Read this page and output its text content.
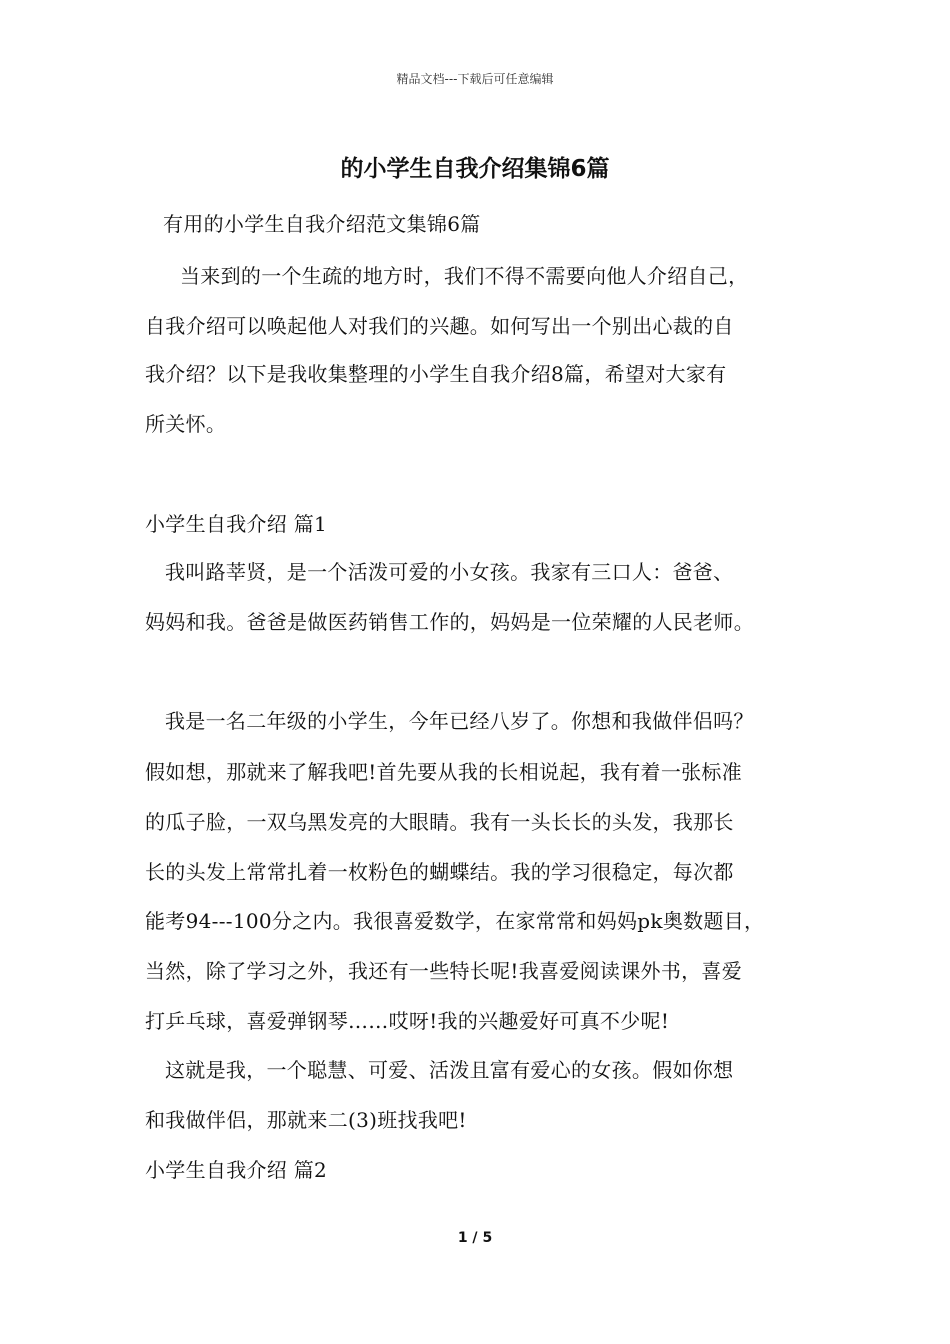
精品文档---下载后可任意编辑
的小学生自我介绍集锦6篇
有用的小学生自我介绍范文集锦6篇
当来到的一个生疏的地方时，我们不得不需要向他人介绍自己，
自我介绍可以唤起他人对我们的兴趣。如何写出一个别出心裁的自
我介绍？以下是我收集整理的小学生自我介绍8篇，希望对大家有
所关怀。
小学生自我介绍 篇1
我叫路莘贤，是一个活泼可爱的小女孩。我家有三口人：爸爸、
妈妈和我。爸爸是做医药销售工作的，妈妈是一位荣耀的人民老师。
我是一名二年级的小学生，今年已经八岁了。你想和我做伴侣吗？
假如想，那就来了解我吧!首先要从我的长相说起，我有着一张标准
的瓜子脸，一双乌黑发亮的大眼睛。我有一头长长的头发，我那长
长的头发上常常扎着一枚粉色的蝴蝶结。我的学习很稳定，每次都
能考94---100分之内。我很喜爱数学，在家常常和妈妈pk奥数题目，
当然，除了学习之外，我还有一些特长呢!我喜爱阅读课外书，喜爱
打乒乓球，喜爱弹钢琴……哎呀!我的兴趣爱好可真不少呢!
这就是我，一个聪慧、可爱、活泼且富有爱心的女孩。假如你想
和我做伴侣，那就来二(3)班找我吧!
小学生自我介绍 篇2
1 / 5
